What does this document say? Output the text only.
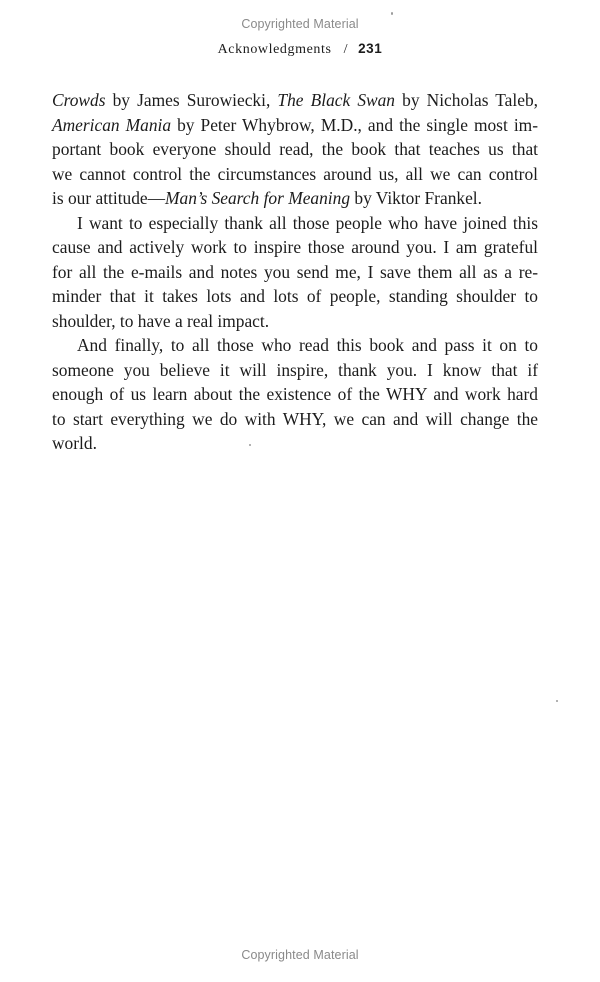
Copyrighted Material
Acknowledgments / 231

Crowds by James Surowiecki, The Black Swan by Nicholas Taleb,
American Mania by Peter Whybrow, M.D., and the single most im-
portant book everyone should read, the book that teaches us that
we cannot control the circumstances around us, all we can control
is our attitude—Man’s Search for Meaning by Viktor Frankel.

I want to especially thank all those people who have joined this
cause and actively work to inspire those around you. I am grateful
for all the e-mails and notes you send me, I save them all as a re-
minder that it takes lots and lots of people, standing shoulder to
shoulder, to have a real impact.

And finally, to all those who read this book and pass it on to
someone you believe it will inspire, thank you. I know that if
enough of us learn about the existence of the WHY and work hard
to start everything we do with WHY, we can and will change the
world.

Copyrighted Material
